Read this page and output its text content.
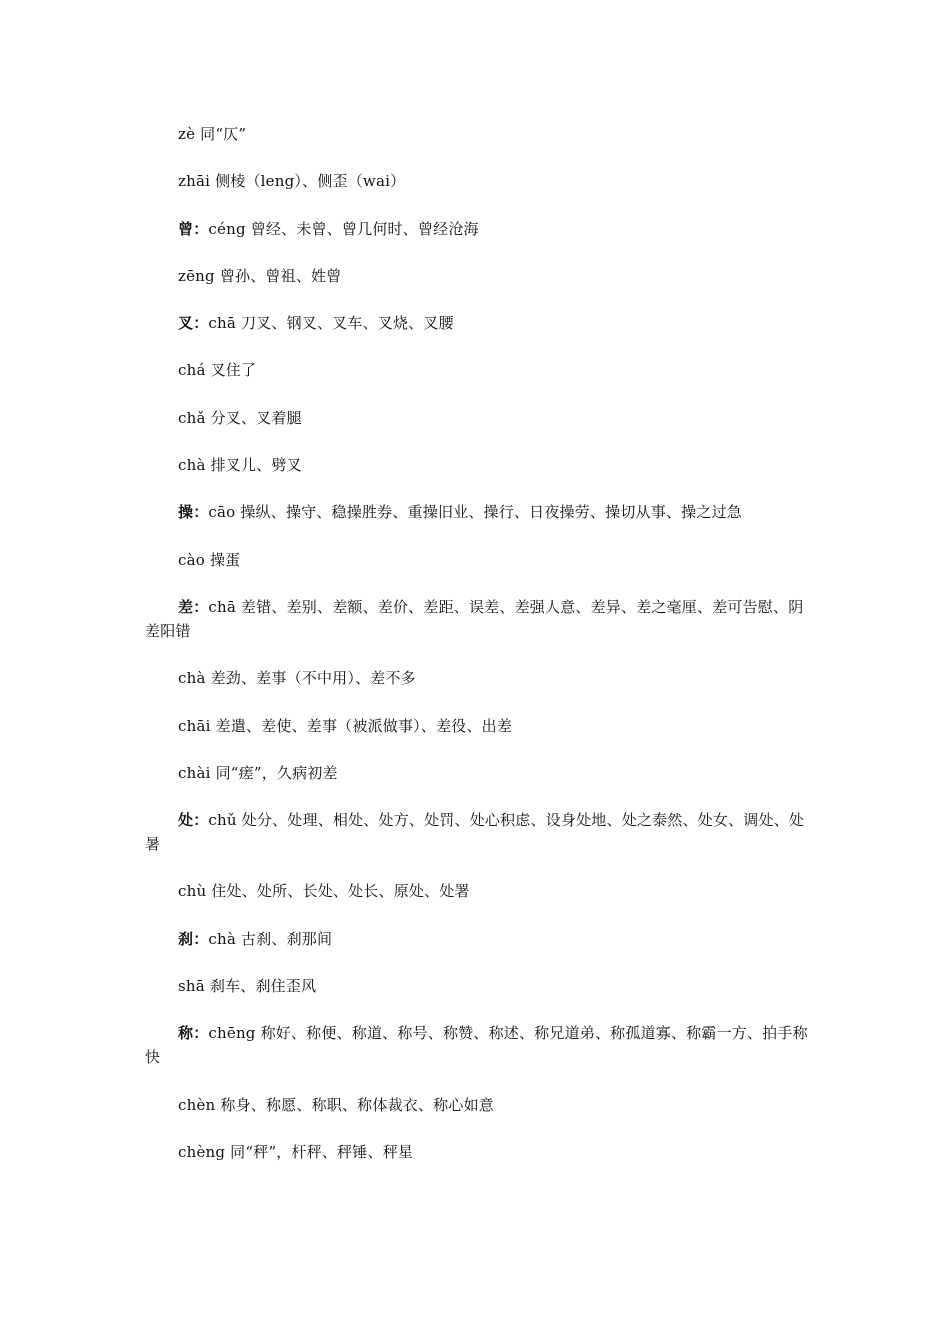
zè 同“仄”

zhāi 侧棱（leng）、侧歪（wai）

曾：céng 曾经、未曾、曾几何时、曾经沧海

zēng 曾孙、曾祖、姓曾

叉：chā 刀叉、钢叉、叉车、叉烧、叉腰

chá 叉住了

chǎ 分叉、叉着腿

chà 排叉儿、劈叉

操：cāo 操纵、操守、稳操胜券、重操旧业、操行、日夜操劳、操切从事、操之过急

cào 操蛋

差：chā 差错、差别、差额、差价、差距、误差、差强人意、差异、差之毫厘、差可告慰、阴差阳错

chà 差劲、差事（不中用）、差不多

chāi 差遣、差使、差事（被派做事）、差役、出差

chài 同“瘥”，久病初差

处：chǔ 处分、处理、相处、处方、处罚、处心积虑、设身处地、处之泰然、处女、调处、处暑

chù 住处、处所、长处、处长、原处、处署

刹：chà 古刹、刹那间

shā 刹车、刹住歪风

称：chēng 称好、称便、称道、称号、称赞、称述、称兄道弟、称孤道寡、称霸一方、拍手称快

chèn 称身、称愿、称职、称体裁衣、称心如意

chèng 同“秤”，杆秤、秤锤、秤星
